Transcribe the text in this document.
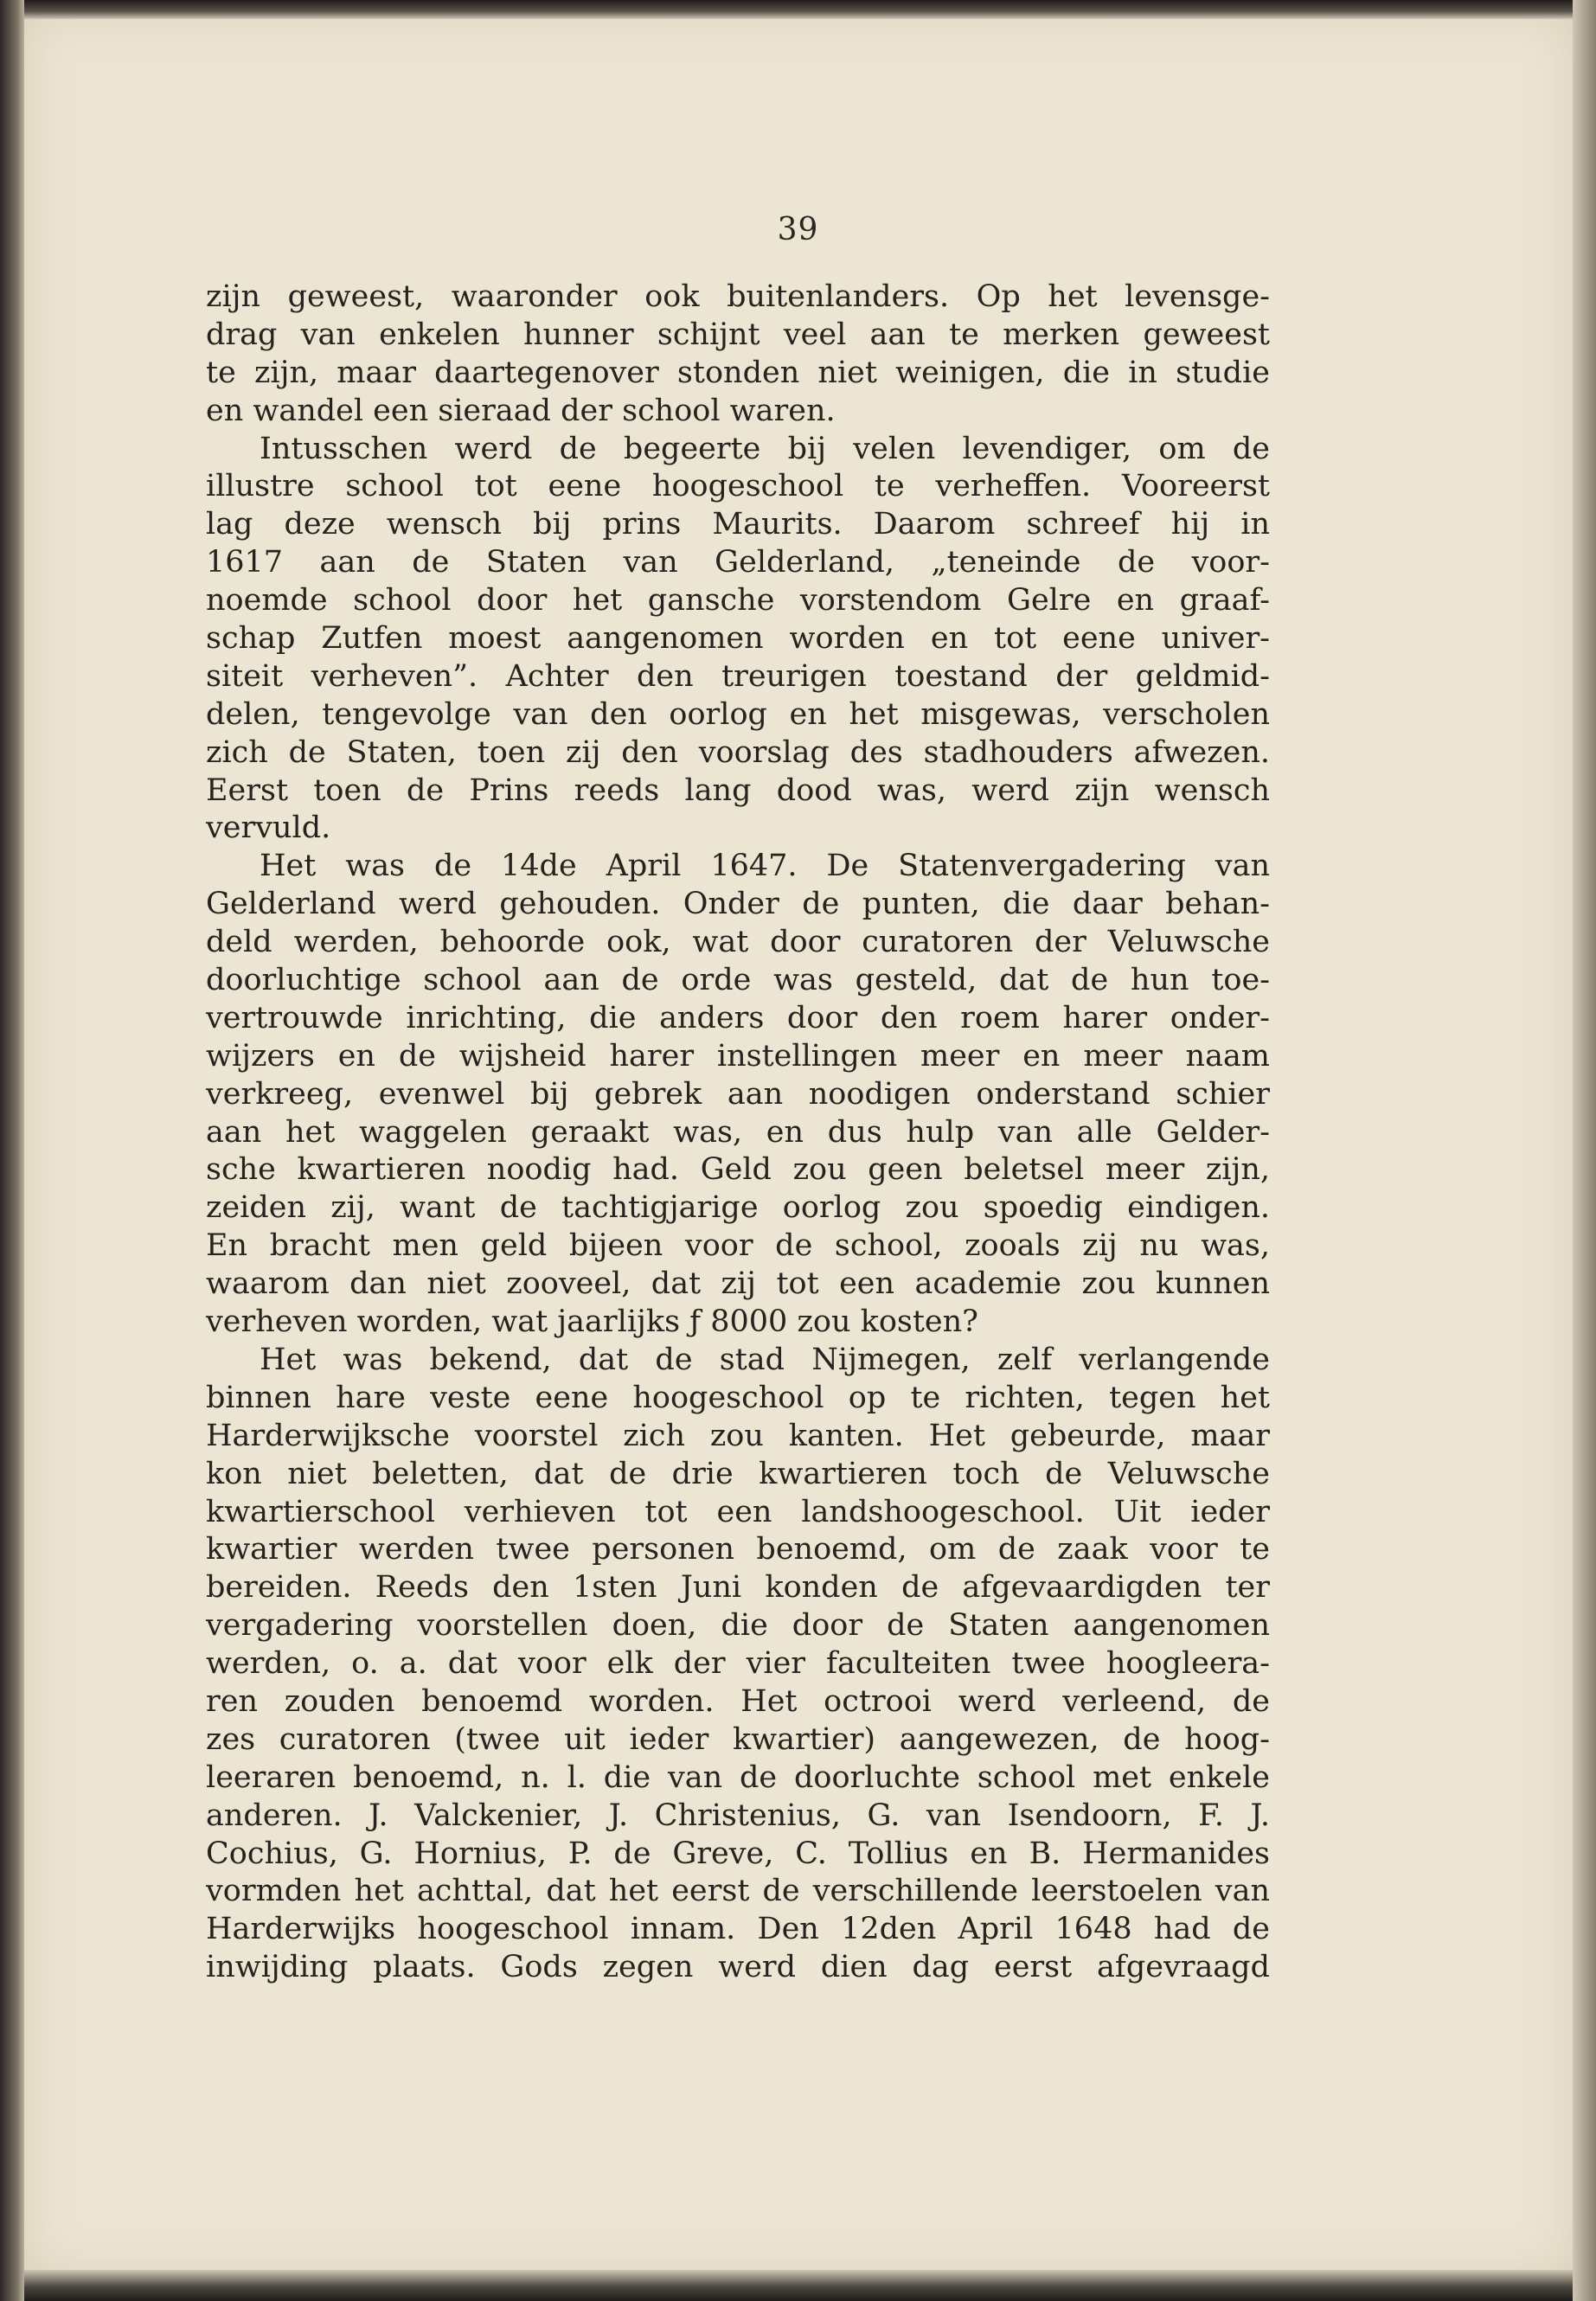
39
zijn geweest, waaronder ook buitenlanders. Op het levensge-
drag van enkelen hunner schijnt veel aan te merken geweest
te zijn, maar daartegenover stonden niet weinigen, die in studie
en wandel een sieraad der school waren.
Intusschen werd de begeerte bij velen levendiger, om de
illustre school tot eene hoogeschool te verheffen. Vooreerst
lag deze wensch bij prins Maurits. Daarom schreef hij in
1617 aan de Staten van Gelderland, „teneinde de voor-
noemde school door het gansche vorstendom Gelre en graaf-
schap Zutfen moest aangenomen worden en tot eene univer-
siteit verheven”. Achter den treurigen toestand der geldmid-
delen, tengevolge van den oorlog en het misgewas, verscholen
zich de Staten, toen zij den voorslag des stadhouders afwezen.
Eerst toen de Prins reeds lang dood was, werd zijn wensch
vervuld.
Het was de 14de April 1647. De Statenvergadering van
Gelderland werd gehouden. Onder de punten, die daar behan-
deld werden, behoorde ook, wat door curatoren der Veluwsche
doorluchtige school aan de orde was gesteld, dat de hun toe-
vertrouwde inrichting, die anders door den roem harer onder-
wijzers en de wijsheid harer instellingen meer en meer naam
verkreeg, evenwel bij gebrek aan noodigen onderstand schier
aan het waggelen geraakt was, en dus hulp van alle Gelder-
sche kwartieren noodig had. Geld zou geen beletsel meer zijn,
zeiden zij, want de tachtigjarige oorlog zou spoedig eindigen.
En bracht men geld bijeen voor de school, zooals zij nu was,
waarom dan niet zooveel, dat zij tot een academie zou kunnen
verheven worden, wat jaarlijks ƒ 8000 zou kosten?
Het was bekend, dat de stad Nijmegen, zelf verlangende
binnen hare veste eene hoogeschool op te richten, tegen het
Harderwijksche voorstel zich zou kanten. Het gebeurde, maar
kon niet beletten, dat de drie kwartieren toch de Veluwsche
kwartierschool verhieven tot een landshoogeschool. Uit ieder
kwartier werden twee personen benoemd, om de zaak voor te
bereiden. Reeds den 1sten Juni konden de afgevaardigden ter
vergadering voorstellen doen, die door de Staten aangenomen
werden, o. a. dat voor elk der vier faculteiten twee hoogleera-
ren zouden benoemd worden. Het octrooi werd verleend, de
zes curatoren (twee uit ieder kwartier) aangewezen, de hoog-
leeraren benoemd, n. l. die van de doorluchte school met enkele
anderen. J. Valckenier, J. Christenius, G. van Isendoorn, F. J.
Cochius, G. Hornius, P. de Greve, C. Tollius en B. Hermanides
vormden het achttal, dat het eerst de verschillende leerstoelen van
Harderwijks hoogeschool innam. Den 12den April 1648 had de
inwijding plaats. Gods zegen werd dien dag eerst afgevraagd
